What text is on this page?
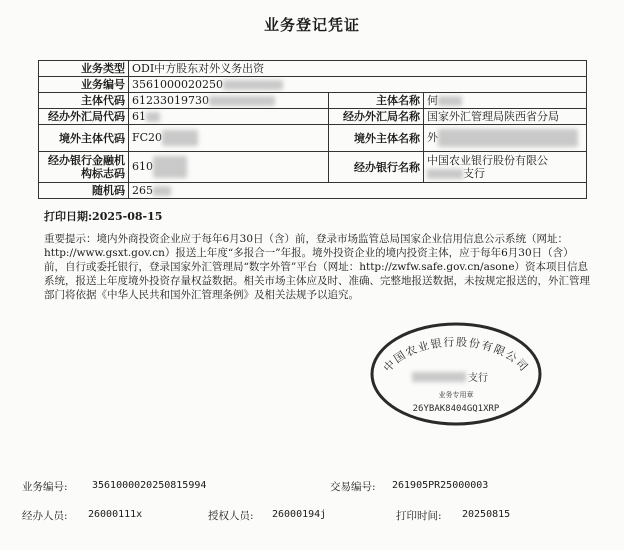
业务登记凭证
业务类型	ODI中方股东对外义务出资		
业务编号	3561000020250		
主体代码	61233019730	主体名称	何
经办外汇局代码	61	经办外汇局名称	国家外汇管理局陕西省分局
境外主体代码	FC20	境外主体名称	外
经办银行金融机构标志码	610	经办银行名称	中国农业银行股份有限公
支行

随机码	265		
打印日期:2025-08-15

重要提示：境内外商投资企业应于每年6月30日（含）前，登录市场监管总局国家企业信用信息公示系统（网址：http://www.gsxt.gov.cn）报送上年度“多报合一”年报。境外投资企业的境内投资主体，应于每年6月30日（含）前，自行或委托银行，登录国家外汇管理局“数字外管”平台（网址：http://zwfw.safe.gov.cn/asone）资本项目信息系统，报送上年度境外投资存量权益数据。相关市场主体应及时、准确、完整地报送数据，未按规定报送的，外汇管理部门将依据《中华人民共和国外汇管理条例》及相关法规予以追究。

中国农业银行股份有限公司
支行
业务专用章
26YBAK8404GQ1XRP
业务编号: 3561000020250815994	交易编号: 261905PR25000003
经办人员: 26000111x	授权人员: 26000194j	打印时间: 20250815
